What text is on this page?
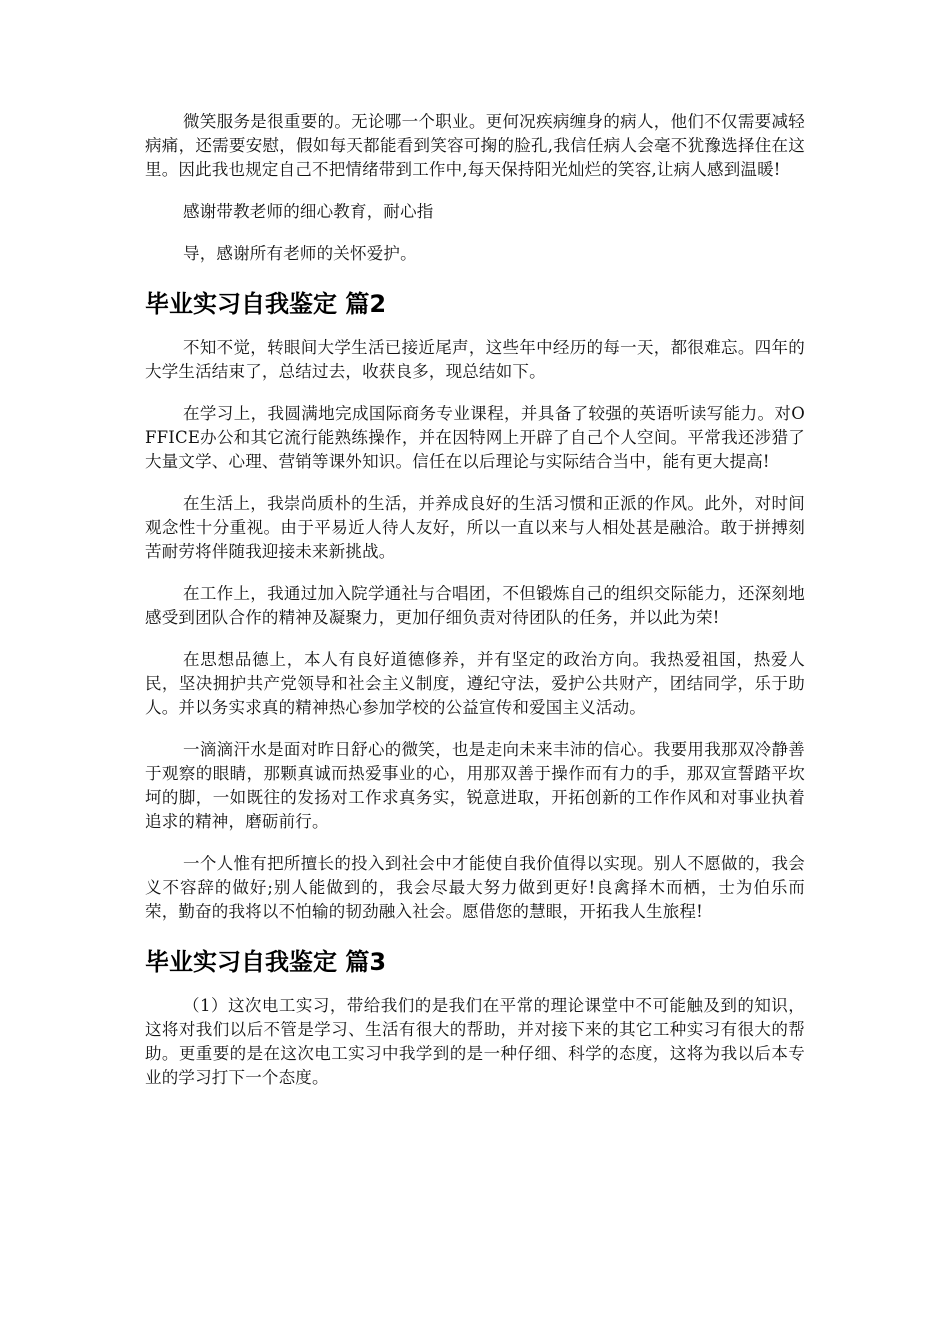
微笑服务是很重要的。无论哪一个职业。更何况疾病缠身的病人，他们不仅需要减轻病痛，还需要安慰，假如每天都能看到笑容可掬的脸孔,我信任病人会毫不犹豫选择住在这里。因此我也规定自己不把情绪带到工作中,每天保持阳光灿烂的笑容,让病人感到温暖!

感谢带教老师的细心教育，耐心指

导，感谢所有老师的关怀爱护。

毕业实习自我鉴定 篇2

不知不觉，转眼间大学生活已接近尾声，这些年中经历的每一天，都很难忘。四年的大学生活结束了，总结过去，收获良多，现总结如下。

在学习上，我圆满地完成国际商务专业课程，并具备了较强的英语听读写能力。对OFFICE办公和其它流行能熟练操作，并在因特网上开辟了自己个人空间。平常我还涉猎了大量文学、心理、营销等课外知识。信任在以后理论与实际结合当中，能有更大提高!

在生活上，我崇尚质朴的生活，并养成良好的生活习惯和正派的作风。此外，对时间观念性十分重视。由于平易近人待人友好，所以一直以来与人相处甚是融洽。敢于拼搏刻苦耐劳将伴随我迎接未来新挑战。

在工作上，我通过加入院学通社与合唱团，不但锻炼自己的组织交际能力，还深刻地感受到团队合作的精神及凝聚力，更加仔细负责对待团队的任务，并以此为荣!

在思想品德上，本人有良好道德修养，并有坚定的政治方向。我热爱祖国，热爱人民，坚决拥护共产党领导和社会主义制度，遵纪守法，爱护公共财产，团结同学，乐于助人。并以务实求真的精神热心参加学校的公益宣传和爱国主义活动。

一滴滴汗水是面对昨日舒心的微笑，也是走向未来丰沛的信心。我要用我那双冷静善于观察的眼睛，那颗真诚而热爱事业的心，用那双善于操作而有力的手，那双宣誓踏平坎坷的脚，一如既往的发扬对工作求真务实，锐意进取，开拓创新的工作作风和对事业执着追求的精神，磨砺前行。

一个人惟有把所擅长的投入到社会中才能使自我价值得以实现。别人不愿做的，我会义不容辞的做好;别人能做到的，我会尽最大努力做到更好!良禽择木而栖，士为伯乐而荣，勤奋的我将以不怕输的韧劲融入社会。愿借您的慧眼，开拓我人生旅程!

毕业实习自我鉴定 篇3

（1）这次电工实习，带给我们的是我们在平常的理论课堂中不可能触及到的知识，这将对我们以后不管是学习、生活有很大的帮助，并对接下来的其它工种实习有很大的帮助。更重要的是在这次电工实习中我学到的是一种仔细、科学的态度，这将为我以后本专业的学习打下一个态度。
